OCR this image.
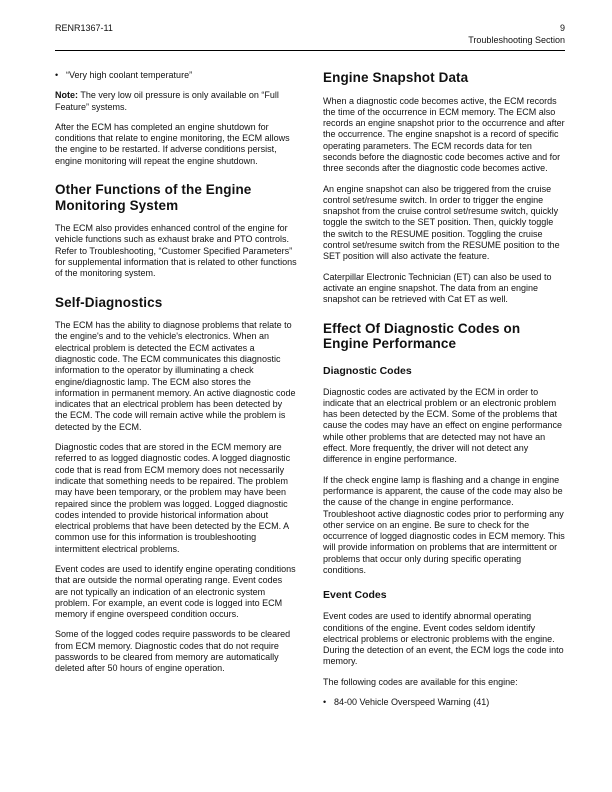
RENR1367-11	9
Troubleshooting Section
• “Very high coolant temperature”

Note: The very low oil pressure is only available on “Full Feature” systems.

After the ECM has completed an engine shutdown for conditions that relate to engine monitoring, the ECM allows the engine to be restarted. If adverse conditions persist, engine monitoring will repeat the engine shutdown.

Other Functions of the Engine Monitoring System

The ECM also provides enhanced control of the engine for vehicle functions such as exhaust brake and PTO controls. Refer to Troubleshooting, “Customer Specified Parameters” for supplemental information that is related to other functions of the monitoring system.

Self-Diagnostics

The ECM has the ability to diagnose problems that relate to the engine's and to the vehicle's electronics. When an electrical problem is detected the ECM activates a diagnostic code. The ECM communicates this diagnostic information to the operator by illuminating a check engine/diagnostic lamp. The ECM also stores the information in permanent memory. An active diagnostic code indicates that an electrical problem has been detected by the ECM. The code will remain active while the problem is detected by the ECM.

Diagnostic codes that are stored in the ECM memory are referred to as logged diagnostic codes. A logged diagnostic code that is read from ECM memory does not necessarily indicate that something needs to be repaired. The problem may have been temporary, or the problem may have been repaired since the problem was logged. Logged diagnostic codes intended to provide historical information about electrical problems that have been detected by the ECM. A common use for this information is troubleshooting intermittent electrical problems.

Event codes are used to identify engine operating conditions that are outside the normal operating range. Event codes are not typically an indication of an electronic system problem. For example, an event code is logged into ECM memory if engine overspeed condition occurs.

Some of the logged codes require passwords to be cleared from ECM memory. Diagnostic codes that do not require passwords to be cleared from memory are automatically deleted after 50 hours of engine operation.

Engine Snapshot Data

When a diagnostic code becomes active, the ECM records the time of the occurrence in ECM memory. The ECM also records an engine snapshot prior to the occurrence and after the occurrence. The engine snapshot is a record of specific operating parameters. The ECM records data for ten seconds before the diagnostic code becomes active and for three seconds after the diagnostic code becomes active.

An engine snapshot can also be triggered from the cruise control set/resume switch. In order to trigger the engine snapshot from the cruise control set/resume switch, quickly toggle the switch to the SET position. Then, quickly toggle the switch to the RESUME position. Toggling the cruise control set/resume switch from the RESUME position to the SET position will also activate the feature.

Caterpillar Electronic Technician (ET) can also be used to activate an engine snapshot. The data from an engine snapshot can be retrieved with Cat ET as well.

Effect Of Diagnostic Codes on Engine Performance
Diagnostic Codes

Diagnostic codes are activated by the ECM in order to indicate that an electrical problem or an electronic problem has been detected by the ECM. Some of the problems that cause the codes may have an effect on engine performance while other problems that are detected may not have an effect. More frequently, the driver will not detect any difference in engine performance.

If the check engine lamp is flashing and a change in engine performance is apparent, the cause of the code may also be the cause of the change in engine performance. Troubleshoot active diagnostic codes prior to performing any other service on an engine. Be sure to check for the occurrence of logged diagnostic codes in ECM memory. This will provide information on problems that are intermittent or problems that occur only during specific operating conditions.

Event Codes

Event codes are used to identify abnormal operating conditions of the engine. Event codes seldom identify electrical problems or electronic problems with the engine. During the detection of an event, the ECM logs the code into memory.

The following codes are available for this engine:

• 84-00 Vehicle Overspeed Warning (41)
